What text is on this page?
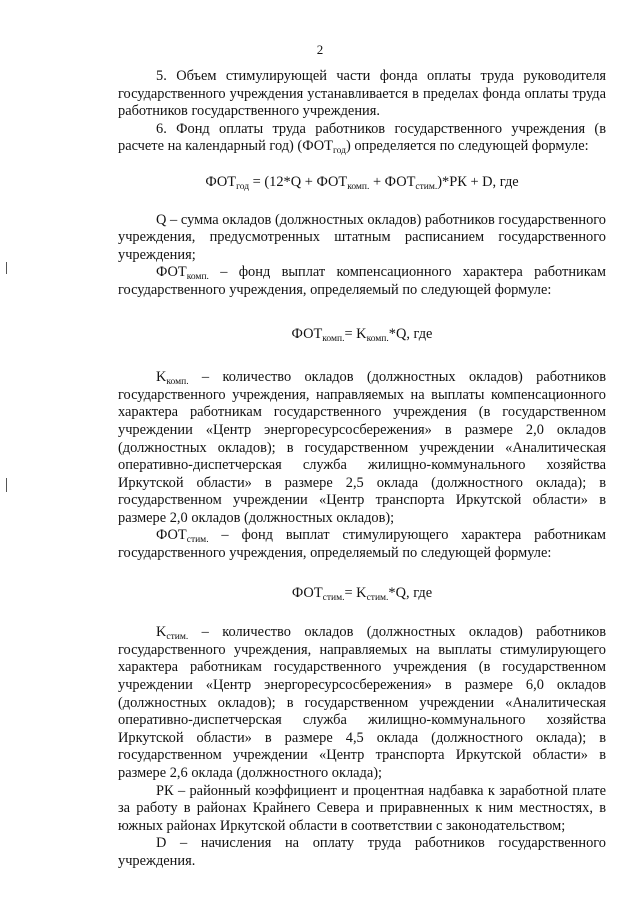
2

5. Объем стимулирующей части фонда оплаты труда руководителя государственного учреждения устанавливается в пределах фонда оплаты труда работников государственного учреждения.

6. Фонд оплаты труда работников государственного учреждения (в расчете на календарный год) $(ФОТ_{год})$ определяется по следующей формуле:

$ФОТ_{год} = (12*Q + ФОТ_{комп.} + ФОТ_{стим.})*РК + D$, где

Q – сумма окладов (должностных окладов) работников государственного учреждения, предусмотренных штатным расписанием государственного учреждения;

$ФОТ_{комп.}$ – фонд выплат компенсационного характера работникам государственного учреждения, определяемый по следующей формуле:

$ФОТ_{комп.}= K_{комп.}*Q$, где

$K_{комп.}$ – количество окладов (должностных окладов) работников государственного учреждения, направляемых на выплаты компенсационного характера работникам государственного учреждения (в государственном учреждении «Центр энергоресурсосбережения» в размере 2,0 окладов (должностных окладов); в государственном учреждении «Аналитическая оперативно-диспетчерская служба жилищно-коммунального хозяйства Иркутской области» в размере 2,5 оклада (должностного оклада); в государственном учреждении «Центр транспорта Иркутской области» в размере 2,0 окладов (должностных окладов);

$ФОТ_{стим.}$ – фонд выплат стимулирующего характера работникам государственного учреждения, определяемый по следующей формуле:

$ФОТ_{стим.}= K_{стим.}*Q$, где

$K_{стим.}$ – количество окладов (должностных окладов) работников государственного учреждения, направляемых на выплаты стимулирующего характера работникам государственного учреждения (в государственном учреждении «Центр энергоресурсосбережения» в размере 6,0 окладов (должностных окладов); в государственном учреждении «Аналитическая оперативно-диспетчерская служба жилищно-коммунального хозяйства Иркутской области» в размере 4,5 оклада (должностного оклада); в государственном учреждении «Центр транспорта Иркутской области» в размере 2,6 оклада (должностного оклада);

РК – районный коэффициент и процентная надбавка к заработной плате за работу в районах Крайнего Севера и приравненных к ним местностях, в южных районах Иркутской области в соответствии с законодательством;

D – начисления на оплату труда работников государственного учреждения.
